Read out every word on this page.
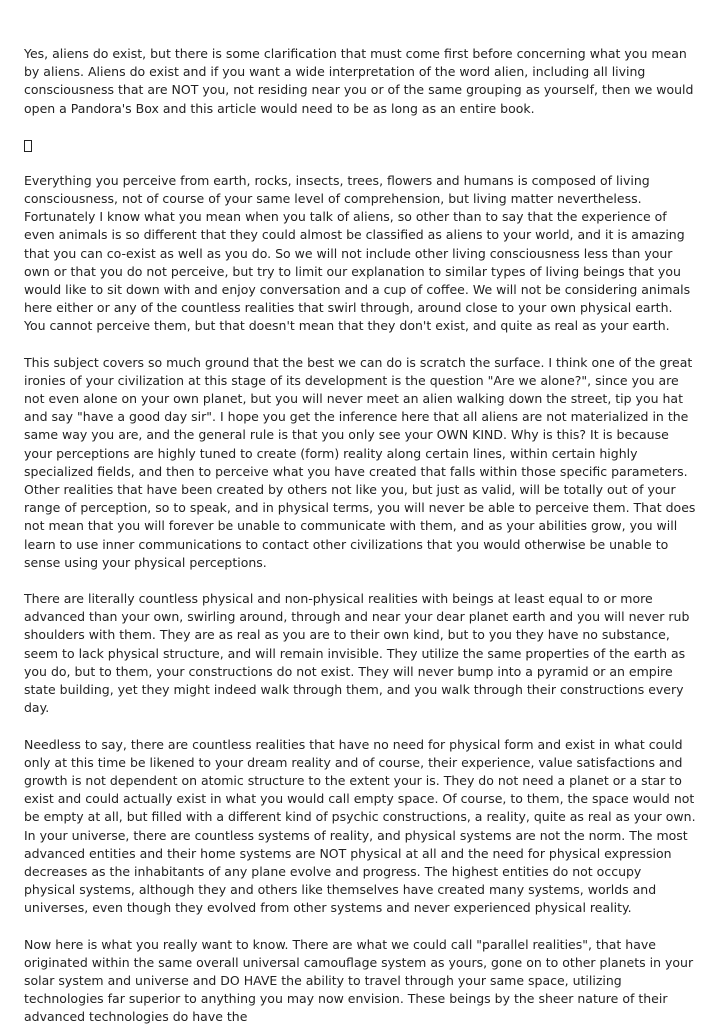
Yes, aliens do exist, but there is some clarification that must come first before concerning what you mean by aliens. Aliens do exist and if you want a wide interpretation of the word alien, including all living consciousness that are NOT you, not residing near you or of the same grouping as yourself, then we would open a Pandora's Box and this article would need to be as long as an entire book.

Everything you perceive from earth, rocks, insects, trees, flowers and humans is composed of living consciousness, not of course of your same level of comprehension, but living matter nevertheless. Fortunately I know what you mean when you talk of aliens, so other than to say that the experience of even animals is so different that they could almost be classified as aliens to your world, and it is amazing that you can co-exist as well as you do. So we will not include other living consciousness less than your own or that you do not perceive, but try to limit our explanation to similar types of living beings that you would like to sit down with and enjoy conversation and a cup of coffee. We will not be considering animals here either or any of the countless realities that swirl through, around close to your own physical earth. You cannot perceive them, but that doesn't mean that they don't exist, and quite as real as your earth.

This subject covers so much ground that the best we can do is scratch the surface. I think one of the great ironies of your civilization at this stage of its development is the question "Are we alone?", since you are not even alone on your own planet, but you will never meet an alien walking down the street, tip you hat and say "have a good day sir". I hope you get the inference here that all aliens are not materialized in the same way you are, and the general rule is that you only see your OWN KIND. Why is this? It is because your perceptions are highly tuned to create (form) reality along certain lines, within certain highly specialized fields, and then to perceive what you have created that falls within those specific parameters. Other realities that have been created by others not like you, but just as valid, will be totally out of your range of perception, so to speak, and in physical terms, you will never be able to perceive them. That does not mean that you will forever be unable to communicate with them, and as your abilities grow, you will learn to use inner communications to contact other civilizations that you would otherwise be unable to sense using your physical perceptions.

There are literally countless physical and non-physical realities with beings at least equal to or more advanced than your own, swirling around, through and near your dear planet earth and you will never rub shoulders with them. They are as real as you are to their own kind, but to you they have no substance, seem to lack physical structure, and will remain invisible. They utilize the same properties of the earth as you do, but to them, your constructions do not exist. They will never bump into a pyramid or an empire state building, yet they might indeed walk through them, and you walk through their constructions every day.

Needless to say, there are countless realities that have no need for physical form and exist in what could only at this time be likened to your dream reality and of course, their experience, value satisfactions and growth is not dependent on atomic structure to the extent your is. They do not need a planet or a star to exist and could actually exist in what you would call empty space. Of course, to them, the space would not be empty at all, but filled with a different kind of psychic constructions, a reality, quite as real as your own. In your universe, there are countless systems of reality, and physical systems are not the norm. The most advanced entities and their home systems are NOT physical at all and the need for physical expression decreases as the inhabitants of any plane evolve and progress. The highest entities do not occupy physical systems, although they and others like themselves have created many systems, worlds and universes, even though they evolved from other systems and never experienced physical reality.

Now here is what you really want to know. There are what we could call "parallel realities", that have originated within the same overall universal camouflage system as yours, gone on to other planets in your solar system and universe and DO HAVE the ability to travel through your same space, utilizing technologies far superior to anything you may now envision. These beings by the sheer nature of their advanced technologies do have the
